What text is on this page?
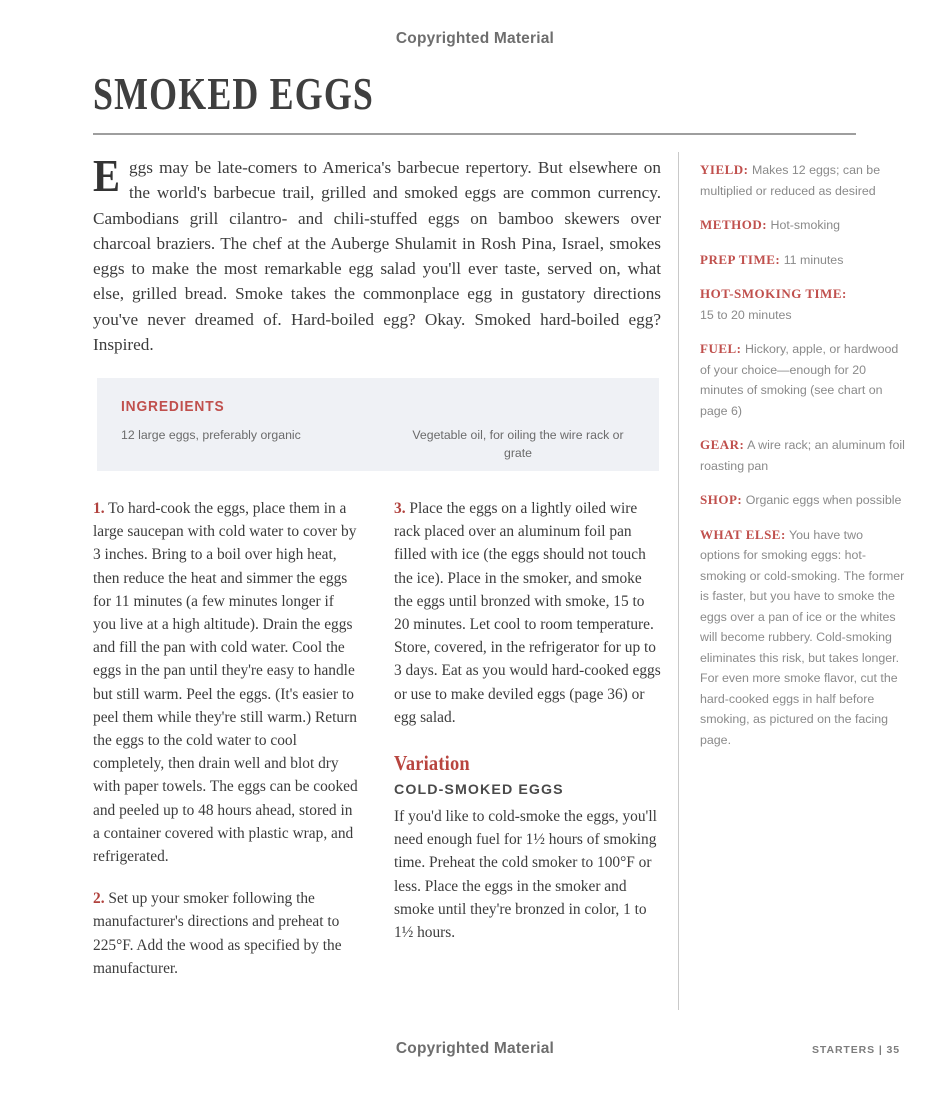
Copyrighted Material
SMOKED EGGS

Eggs may be late-comers to America's barbecue repertory. But elsewhere on the world's barbecue trail, grilled and smoked eggs are common currency. Cambodians grill cilantro- and chili-stuffed eggs on bamboo skewers over charcoal braziers. The chef at the Auberge Shulamit in Rosh Pina, Israel, smokes eggs to make the most remarkable egg salad you'll ever taste, served on, what else, grilled bread. Smoke takes the commonplace egg in gustatory directions you've never dreamed of. Hard-boiled egg? Okay. Smoked hard-boiled egg? Inspired.

INGREDIENTS
12 large eggs, preferably organic	Vegetable oil, for oiling the wire rack or grate

1. To hard-cook the eggs, place them in a large saucepan with cold water to cover by 3 inches. Bring to a boil over high heat, then reduce the heat and simmer the eggs for 11 minutes (a few minutes longer if you live at a high altitude). Drain the eggs and fill the pan with cold water. Cool the eggs in the pan until they're easy to handle but still warm. Peel the eggs. (It's easier to peel them while they're still warm.) Return the eggs to the cold water to cool completely, then drain well and blot dry with paper towels. The eggs can be cooked and peeled up to 48 hours ahead, stored in a container covered with plastic wrap, and refrigerated.

2. Set up your smoker following the manufacturer's directions and preheat to 225°F. Add the wood as specified by the manufacturer.

3. Place the eggs on a lightly oiled wire rack placed over an aluminum foil pan filled with ice (the eggs should not touch the ice). Place in the smoker, and smoke the eggs until bronzed with smoke, 15 to 20 minutes. Let cool to room temperature. Store, covered, in the refrigerator for up to 3 days. Eat as you would hard-cooked eggs or use to make deviled eggs (page 36) or egg salad.

Variation
COLD-SMOKED EGGS

If you'd like to cold-smoke the eggs, you'll need enough fuel for 1½ hours of smoking time. Preheat the cold smoker to 100°F or less. Place the eggs in the smoker and smoke until they're bronzed in color, 1 to 1½ hours.

YIELD: Makes 12 eggs; can be multiplied or reduced as desired

METHOD: Hot-smoking

PREP TIME: 11 minutes

HOT-SMOKING TIME:
15 to 20 minutes

FUEL: Hickory, apple, or hardwood of your choice—enough for 20 minutes of smoking (see chart on page 6)

GEAR: A wire rack; an aluminum foil roasting pan

SHOP: Organic eggs when possible

WHAT ELSE: You have two options for smoking eggs: hot-smoking or cold-smoking. The former is faster, but you have to smoke the eggs over a pan of ice or the whites will become rubbery. Cold-smoking eliminates this risk, but takes longer. For even more smoke flavor, cut the hard-cooked eggs in half before smoking, as pictured on the facing page.

Copyrighted Material	STARTERS | 35
